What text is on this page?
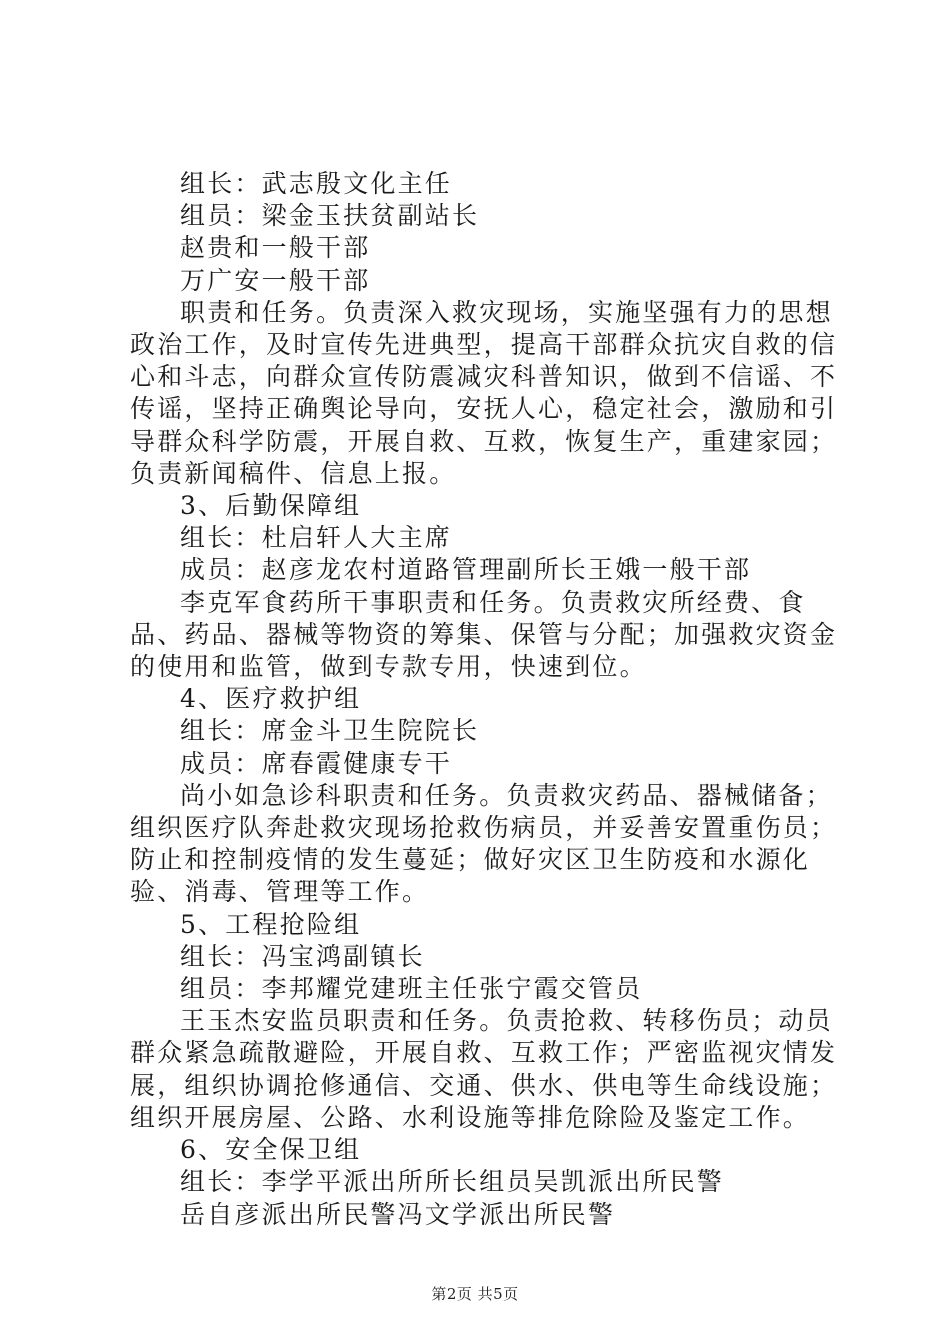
组长：武志殷文化主任

组员：梁金玉扶贫副站长

赵贵和一般干部

万广安一般干部

职责和任务。负责深入救灾现场，实施坚强有力的思想政治工作，及时宣传先进典型，提高干部群众抗灾自救的信心和斗志，向群众宣传防震减灾科普知识，做到不信谣、不传谣，坚持正确舆论导向，安抚人心，稳定社会，激励和引导群众科学防震，开展自救、互救，恢复生产，重建家园；负责新闻稿件、信息上报。

3、后勤保障组

组长：杜启轩人大主席

成员：赵彦龙农村道路管理副所长王娥一般干部

李克军食药所干事职责和任务。负责救灾所经费、食品、药品、器械等物资的筹集、保管与分配；加强救灾资金的使用和监管，做到专款专用，快速到位。

4、医疗救护组

组长：席金斗卫生院院长

成员：席春霞健康专干

尚小如急诊科职责和任务。负责救灾药品、器械储备；组织医疗队奔赴救灾现场抢救伤病员，并妥善安置重伤员；防止和控制疫情的发生蔓延；做好灾区卫生防疫和水源化验、消毒、管理等工作。

5、工程抢险组

组长：冯宝鸿副镇长

组员：李邦耀党建班主任张宁霞交管员

王玉杰安监员职责和任务。负责抢救、转移伤员；动员群众紧急疏散避险，开展自救、互救工作；严密监视灾情发展，组织协调抢修通信、交通、供水、供电等生命线设施；组织开展房屋、公路、水利设施等排危除险及鉴定工作。

6、安全保卫组

组长：李学平派出所所长组员吴凯派出所民警

岳自彦派出所民警冯文学派出所民警

第2页 共5页
